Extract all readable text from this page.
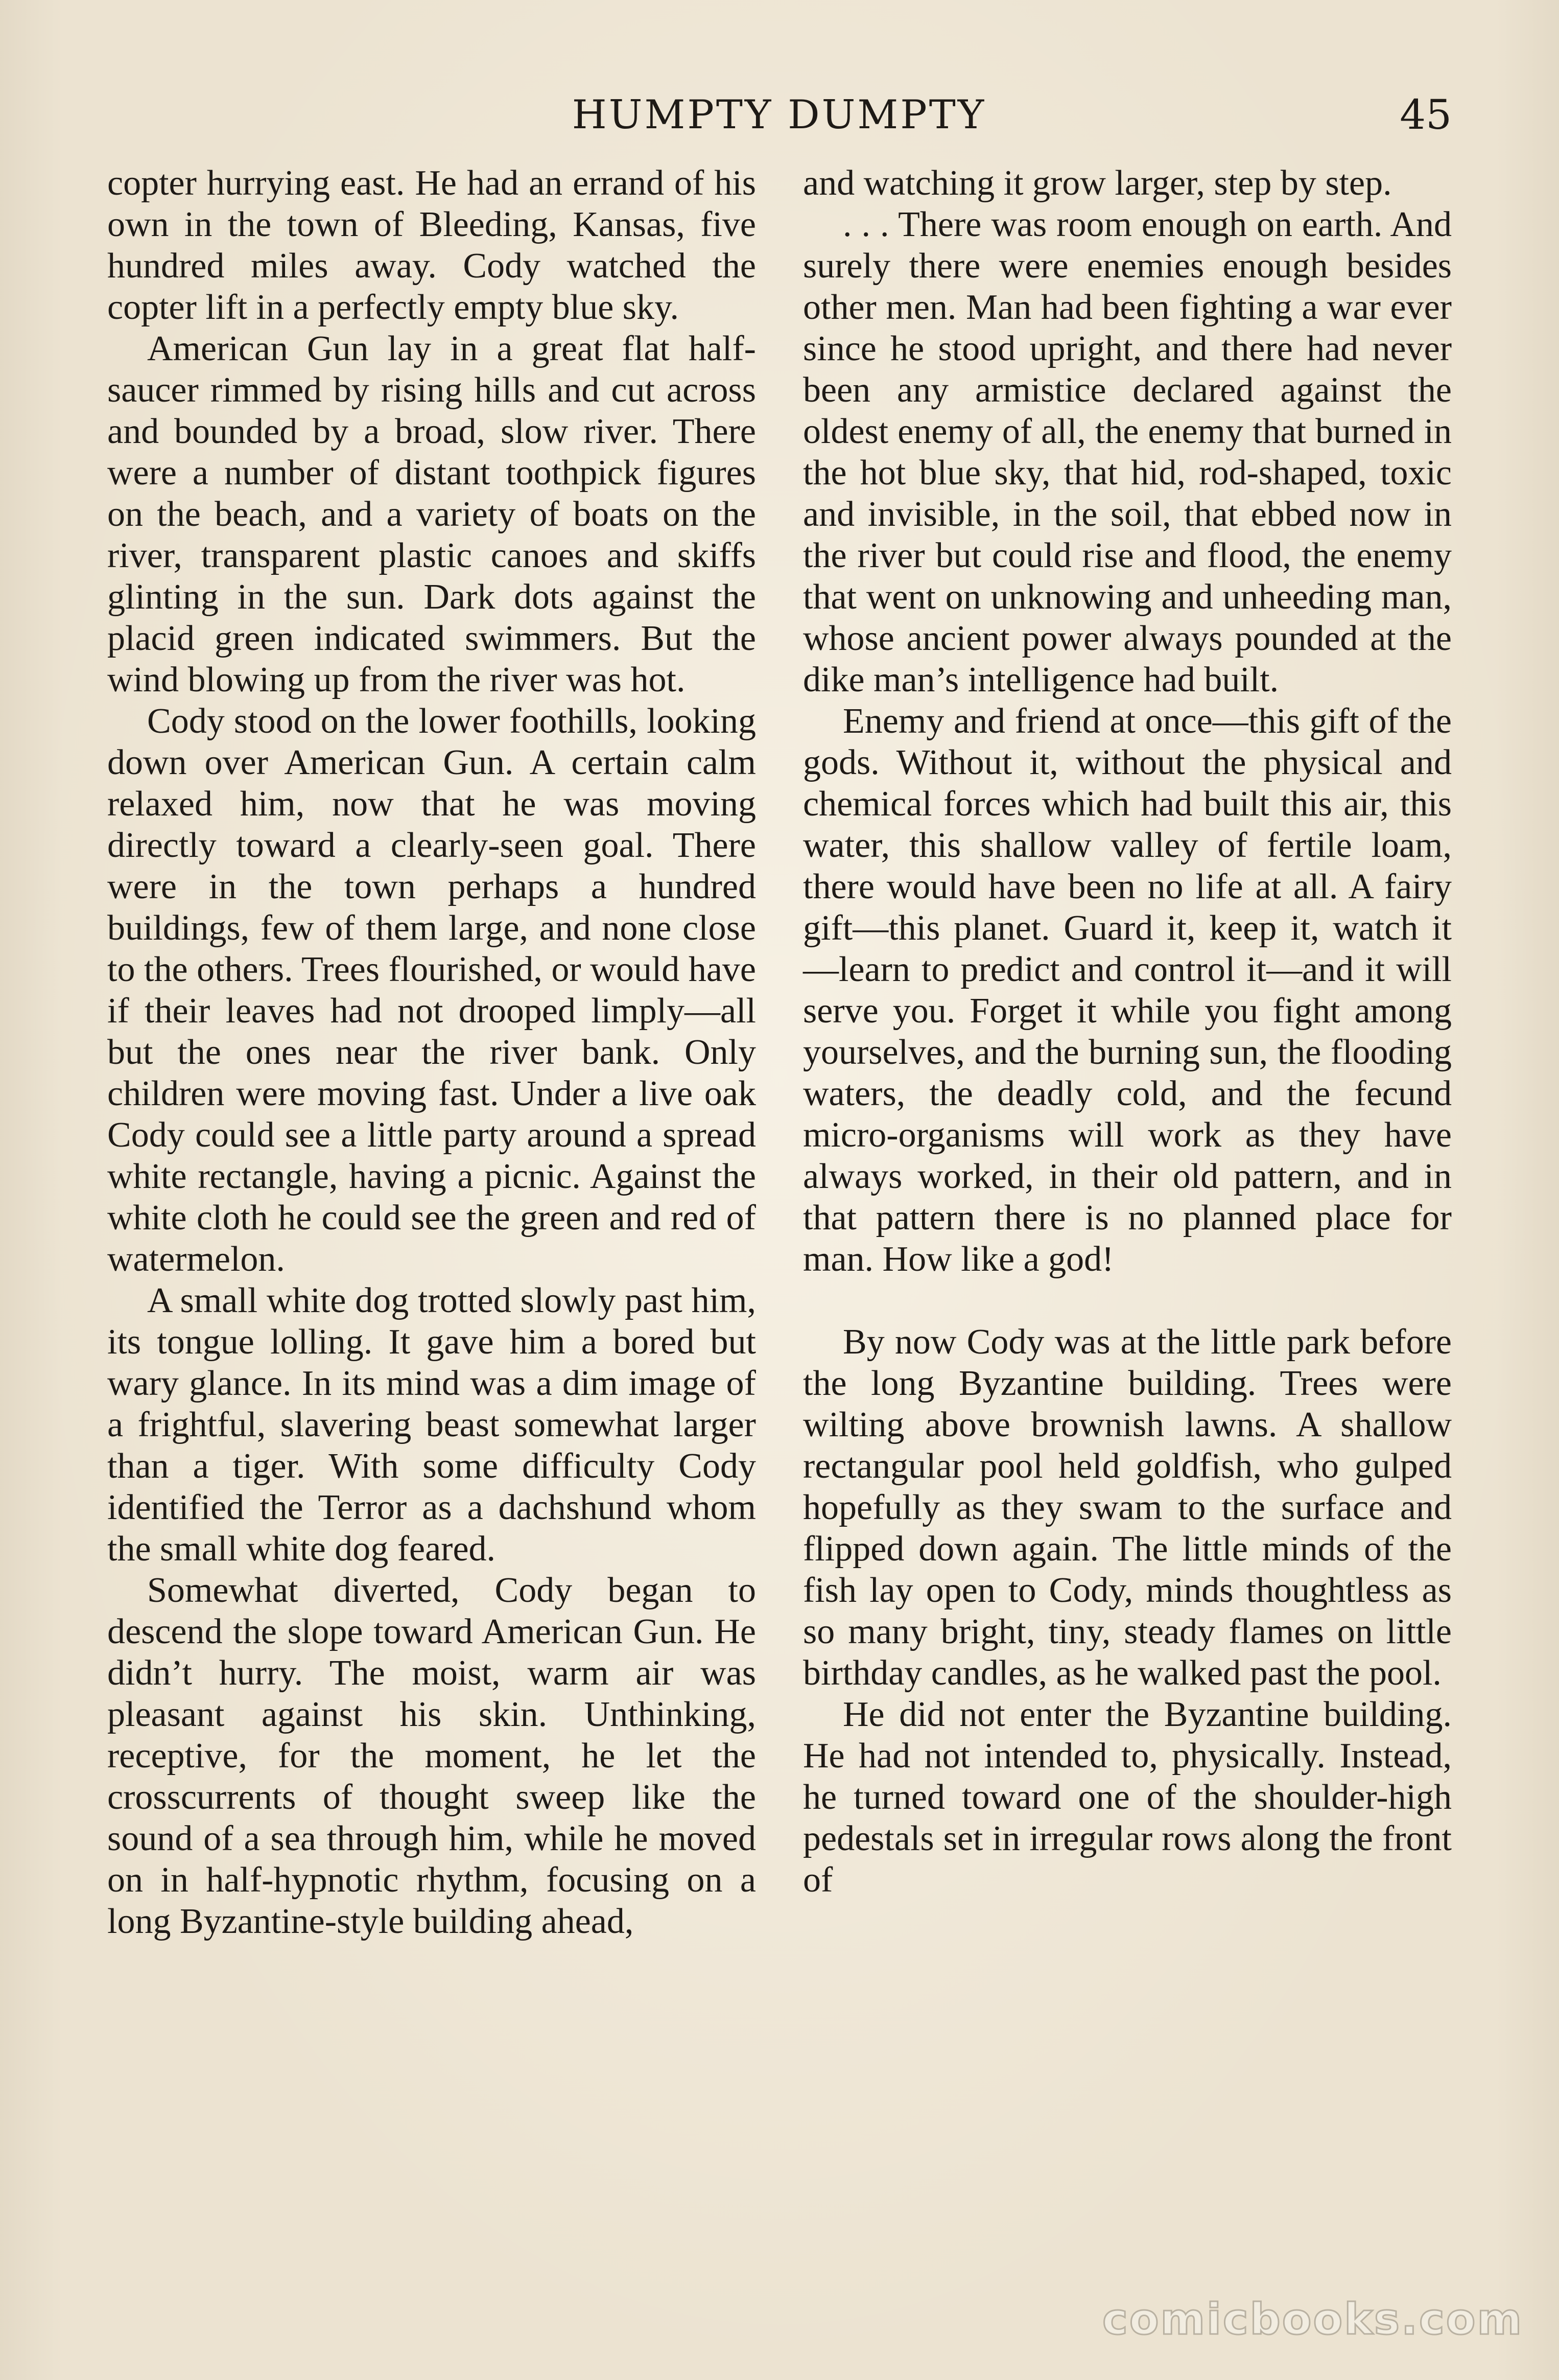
HUMPTY DUMPTY	45

copter hurrying east. He had an errand of his own in the town of Bleeding, Kansas, five hundred miles away. Cody watched the copter lift in a perfectly empty blue sky.

American Gun lay in a great flat half-saucer rimmed by rising hills and cut across and bounded by a broad, slow river. There were a number of distant toothpick figures on the beach, and a variety of boats on the river, transparent plastic canoes and skiffs glinting in the sun. Dark dots against the placid green indicated swimmers. But the wind blowing up from the river was hot.

Cody stood on the lower foothills, looking down over American Gun. A certain calm relaxed him, now that he was moving directly toward a clearly-seen goal. There were in the town perhaps a hundred buildings, few of them large, and none close to the others. Trees flourished, or would have if their leaves had not drooped limply—all but the ones near the river bank. Only children were moving fast. Under a live oak Cody could see a little party around a spread white rectangle, having a picnic. Against the white cloth he could see the green and red of watermelon.

A small white dog trotted slowly past him, its tongue lolling. It gave him a bored but wary glance. In its mind was a dim image of a frightful, slavering beast somewhat larger than a tiger. With some difficulty Cody identified the Terror as a dachshund whom the small white dog feared.

Somewhat diverted, Cody began to descend the slope toward American Gun. He didn’t hurry. The moist, warm air was pleasant against his skin. Unthinking, receptive, for the moment, he let the crosscurrents of thought sweep like the sound of a sea through him, while he moved on in half-hypnotic rhythm, focusing on a long Byzantine-style building ahead,

and watching it grow larger, step by step.

. . . There was room enough on earth. And surely there were enemies enough besides other men. Man had been fighting a war ever since he stood upright, and there had never been any armistice declared against the oldest enemy of all, the enemy that burned in the hot blue sky, that hid, rod-shaped, toxic and invisible, in the soil, that ebbed now in the river but could rise and flood, the enemy that went on unknowing and unheeding man, whose ancient power always pounded at the dike man’s intelligence had built.

Enemy and friend at once—this gift of the gods. Without it, without the physical and chemical forces which had built this air, this water, this shallow valley of fertile loam, there would have been no life at all. A fairy gift—this planet. Guard it, keep it, watch it—learn to predict and control it—and it will serve you. Forget it while you fight among yourselves, and the burning sun, the flooding waters, the deadly cold, and the fecund micro-organisms will work as they have always worked, in their old pattern, and in that pattern there is no planned place for man. How like a god!

By now Cody was at the little park before the long Byzantine building. Trees were wilting above brownish lawns. A shallow rectangular pool held goldfish, who gulped hopefully as they swam to the surface and flipped down again. The little minds of the fish lay open to Cody, minds thoughtless as so many bright, tiny, steady flames on little birthday candles, as he walked past the pool.

He did not enter the Byzantine building. He had not intended to, physically. Instead, he turned toward one of the shoulder-high pedestals set in irregular rows along the front of

comicbooks.com
